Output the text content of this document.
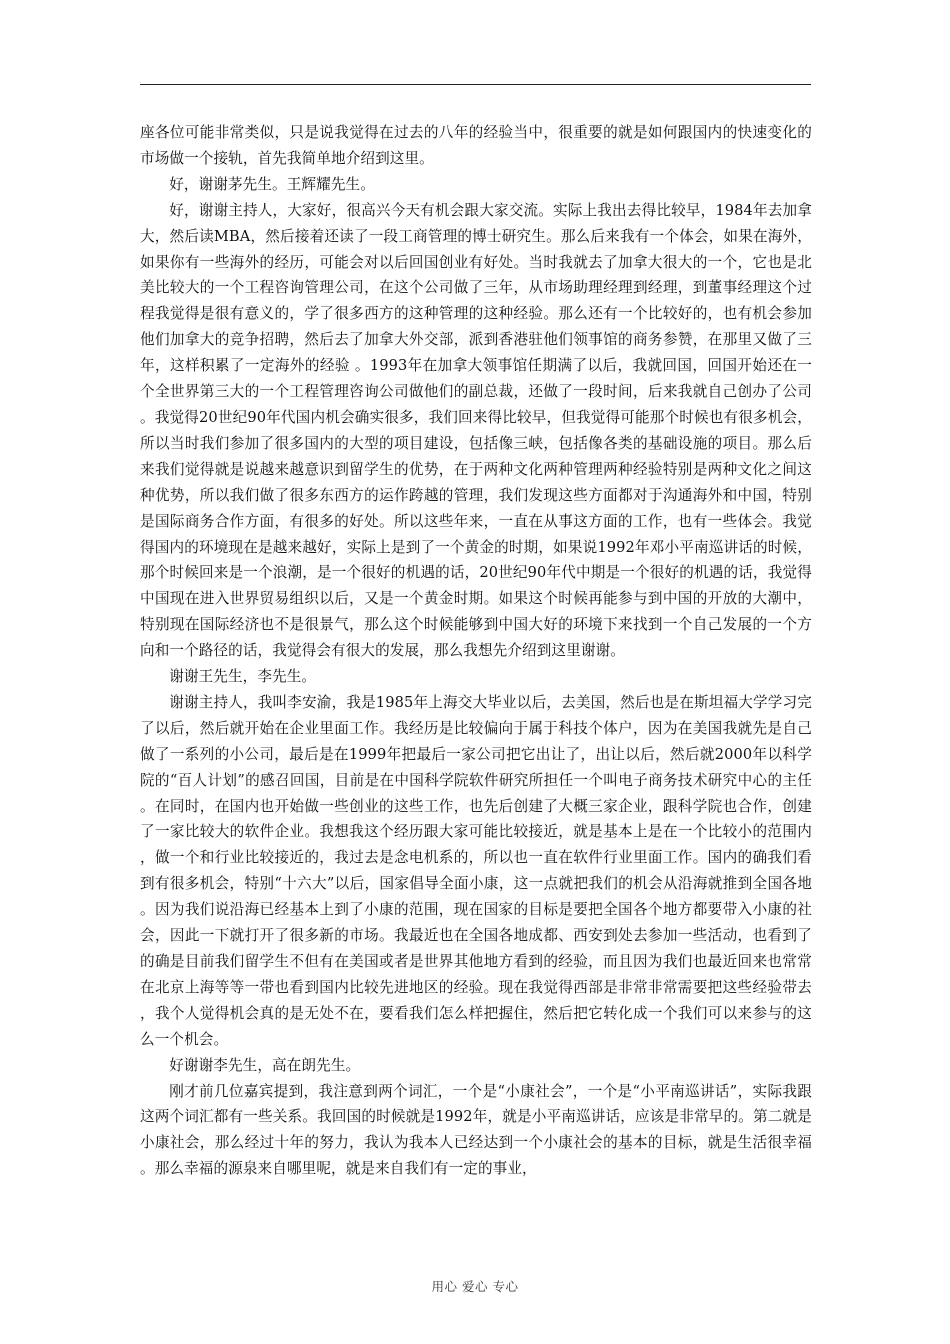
座各位可能非常类似，只是说我觉得在过去的八年的经验当中，很重要的就是如何跟国内的快速变化的市场做一个接轨，首先我简单地介绍到这里。

好，谢谢茅先生。王辉耀先生。

好，谢谢主持人，大家好，很高兴今天有机会跟大家交流。实际上我出去得比较早，1984年去加拿大，然后读MBA，然后接着还读了一段工商管理的博士研究生。那么后来我有一个体会，如果在海外，如果你有一些海外的经历，可能会对以后回国创业有好处。当时我就去了加拿大很大的一个，它也是北美比较大的一个工程咨询管理公司，在这个公司做了三年，从市场助理经理到经理，到董事经理这个过程我觉得是很有意义的，学了很多西方的这种管理的这种经验。那么还有一个比较好的，也有机会参加他们加拿大的竞争招聘，然后去了加拿大外交部，派到香港驻他们领事馆的商务参赞，在那里又做了三年，这样积累了一定海外的经验 。1993年在加拿大领事馆任期满了以后，我就回国，回国开始还在一个全世界第三大的一个工程管理咨询公司做他们的副总裁，还做了一段时间，后来我就自己创办了公司。我觉得20世纪90年代国内机会确实很多，我们回来得比较早，但我觉得可能那个时候也有很多机会，所以当时我们参加了很多国内的大型的项目建设，包括像三峡，包括像各类的基础设施的项目。那么后来我们觉得就是说越来越意识到留学生的优势，在于两种文化两种管理两种经验特别是两种文化之间这种优势，所以我们做了很多东西方的运作跨越的管理，我们发现这些方面都对于沟通海外和中国，特别是国际商务合作方面，有很多的好处。所以这些年来，一直在从事这方面的工作，也有一些体会。我觉得国内的环境现在是越来越好，实际上是到了一个黄金的时期，如果说1992年邓小平南巡讲话的时候，那个时候回来是一个浪潮，是一个很好的机遇的话，20世纪90年代中期是一个很好的机遇的话，我觉得中国现在进入世界贸易组织以后，又是一个黄金时期。如果这个时候再能参与到中国的开放的大潮中，特别现在国际经济也不是很景气，那么这个时候能够到中国大好的环境下来找到一个自己发展的一个方向和一个路径的话，我觉得会有很大的发展，那么我想先介绍到这里谢谢。

谢谢王先生，李先生。

谢谢主持人，我叫李安渝，我是1985年上海交大毕业以后，去美国，然后也是在斯坦福大学学习完了以后，然后就开始在企业里面工作。我经历是比较偏向于属于科技个体户，因为在美国我就先是自己做了一系列的小公司，最后是在1999年把最后一家公司把它出让了，出让以后，然后就2000年以科学院的“百人计划”的感召回国，目前是在中国科学院软件研究所担任一个叫电子商务技术研究中心的主任。在同时，在国内也开始做一些创业的这些工作，也先后创建了大概三家企业，跟科学院也合作，创建了一家比较大的软件企业。我想我这个经历跟大家可能比较接近，就是基本上是在一个比较小的范围内，做一个和行业比较接近的，我过去是念电机系的，所以也一直在软件行业里面工作。国内的确我们看到有很多机会，特别“十六大”以后，国家倡导全面小康，这一点就把我们的机会从沿海就推到全国各地。因为我们说沿海已经基本上到了小康的范围，现在国家的目标是要把全国各个地方都要带入小康的社会，因此一下就打开了很多新的市场。我最近也在全国各地成都、西安到处去参加一些活动，也看到了的确是目前我们留学生不但有在美国或者是世界其他地方看到的经验，而且因为我们也最近回来也常常在北京上海等等一带也看到国内比较先进地区的经验。现在我觉得西部是非常非常需要把这些经验带去，我个人觉得机会真的是无处不在，要看我们怎么样把握住，然后把它转化成一个我们可以来参与的这么一个机会。

好谢谢李先生，高在朗先生。

刚才前几位嘉宾提到，我注意到两个词汇，一个是“小康社会”，一个是“小平南巡讲话”，实际我跟这两个词汇都有一些关系。我回国的时候就是1992年，就是小平南巡讲话，应该是非常早的。第二就是小康社会，那么经过十年的努力，我认为我本人已经达到一个小康社会的基本的目标，就是生活很幸福。那么幸福的源泉来自哪里呢，就是来自我们有一定的事业，

用心 爱心 专心
